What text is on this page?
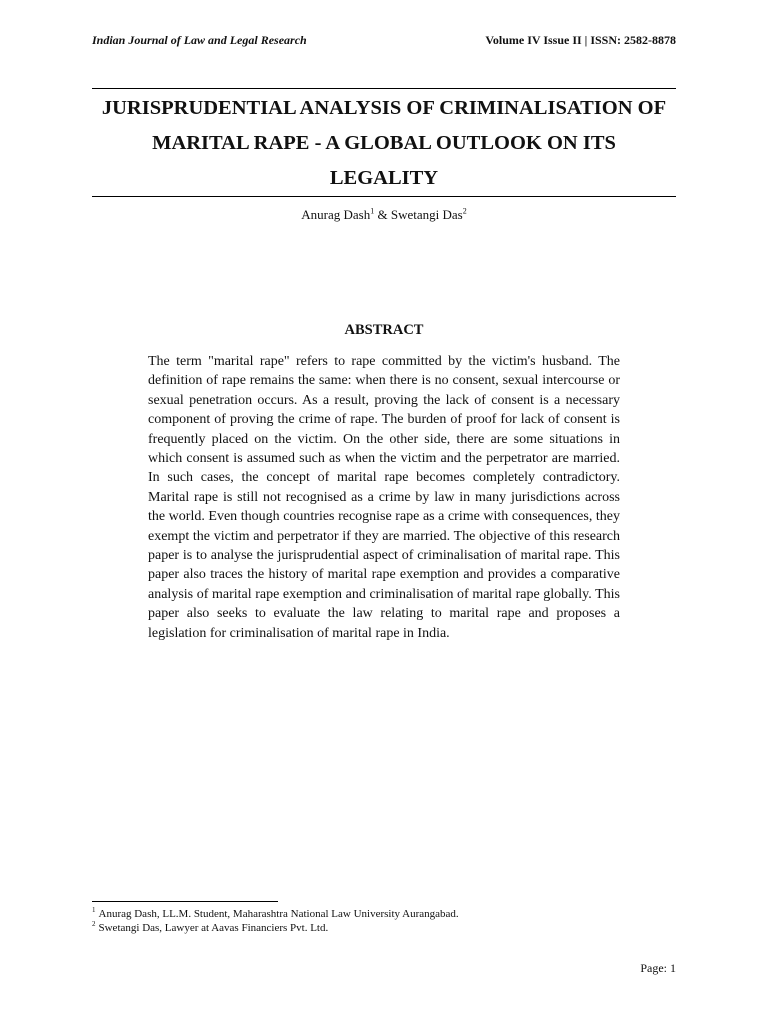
Indian Journal of Law and Legal Research	Volume IV Issue II | ISSN: 2582-8878
JURISPRUDENTIAL ANALYSIS OF CRIMINALISATION OF
MARITAL RAPE - A GLOBAL OUTLOOK ON ITS
LEGALITY
Anurag Dash$^1$ & Swetangi Das$^2$
ABSTRACT

The term "marital rape" refers to rape committed by the victim's husband. The definition of rape remains the same: when there is no consent, sexual intercourse or sexual penetration occurs. As a result, proving the lack of consent is a necessary component of proving the crime of rape. The burden of proof for lack of consent is frequently placed on the victim. On the other side, there are some situations in which consent is assumed such as when the victim and the perpetrator are married. In such cases, the concept of marital rape becomes completely contradictory. Marital rape is still not recognised as a crime by law in many jurisdictions across the world. Even though countries recognise rape as a crime with consequences, they exempt the victim and perpetrator if they are married. The objective of this research paper is to analyse the jurisprudential aspect of criminalisation of marital rape. This paper also traces the history of marital rape exemption and provides a comparative analysis of marital rape exemption and criminalisation of marital rape globally. This paper also seeks to evaluate the law relating to marital rape and proposes a legislation for criminalisation of marital rape in India.

$^1$ Anurag Dash, LL.M. Student, Maharashtra National Law University Aurangabad.
$^2$ Swetangi Das, Lawyer at Aavas Financiers Pvt. Ltd.
Page: 1
